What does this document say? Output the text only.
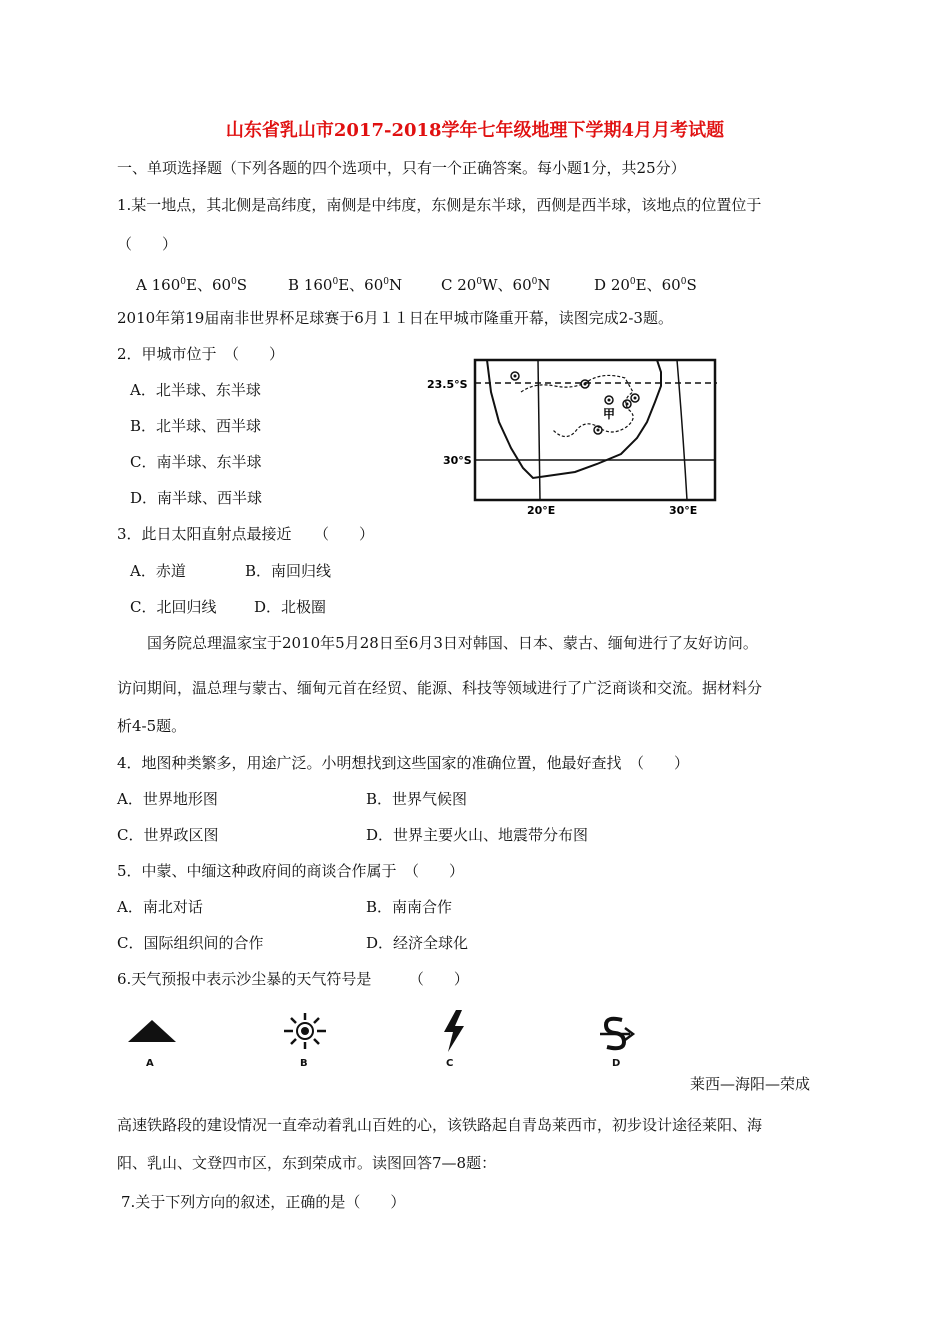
山东省乳山市2017-2018学年七年级地理下学期4月月考试题
一、单项选择题（下列各题的四个选项中，只有一个正确答案。每小题1分，共25分）
1.某一地点，其北侧是高纬度，南侧是中纬度，东侧是东半球，西侧是西半球，该地点的位置位于
（　　）
A $160^0E$、$60^0S$	B $160^0E$、$60^0N$	C $20^0W$、$60^0N$	D $20^0E$、$60^0S$
2010年第19届南非世界杯足球赛于6月１１日在甲城市隆重开幕，读图完成2-3题。
2．甲城市位于　（　　）
A．北半球、东半球
B．北半球、西半球
C．南半球、东半球
D．南半球、西半球
23.5°S
30°S
20°E	30°E
甲
3．此日太阳直射点最接近　　（　　）
A．赤道	B．南回归线
C．北回归线	D．北极圈
国务院总理温家宝于2010年5月28日至6月3日对韩国、日本、蒙古、缅甸进行了友好访问。
访问期间，温总理与蒙古、缅甸元首在经贸、能源、科技等领域进行了广泛商谈和交流。据材料分
析4-5题。
4．地图种类繁多，用途广泛。小明想找到这些国家的准确位置，他最好查找　（　　）
A．世界地形图	B．世界气候图
C．世界政区图	D．世界主要火山、地震带分布图
5．中蒙、中缅这种政府间的商谈合作属于　（　　）
A．南北对话	B．南南合作
C．国际组织间的合作	D．经济全球化
6.天气预报中表示沙尘暴的天气符号是　　　（　　）
A	B	C	D
莱西—海阳—荣成
高速铁路段的建设情况一直牵动着乳山百姓的心，该铁路起自青岛莱西市，初步设计途径莱阳、海
阳、乳山、文登四市区，东到荣成市。读图回答7—8题：
7.关于下列方向的叙述，正确的是（　　）
